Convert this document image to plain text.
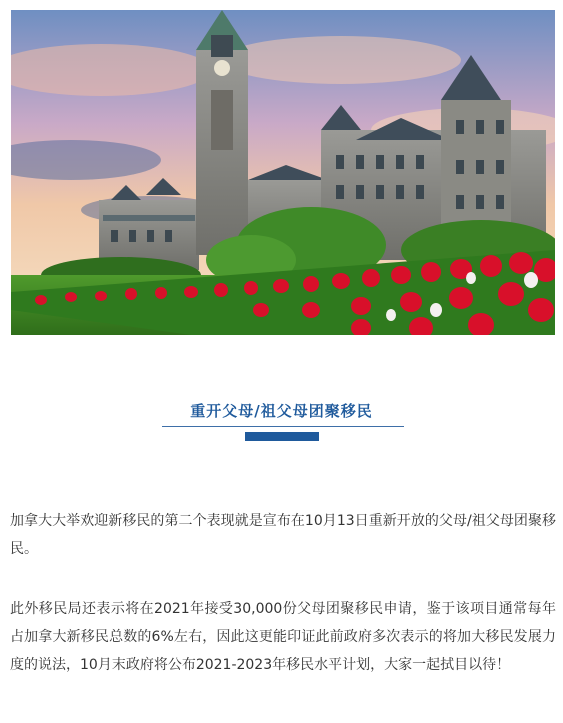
重开父母/祖父母团聚移民

加拿大大举欢迎新移民的第二个表现就是宣布在10月13日重新开放的父母/祖父母团聚移民。

此外移民局还表示将在2021年接受30,000份父母团聚移民申请，鉴于该项目通常每年占加拿大新移民总数的6%左右，因此这更能印证此前政府多次表示的将加大移民发展力度的说法，10月末政府将公布2021-2023年移民水平计划，大家一起拭目以待！
